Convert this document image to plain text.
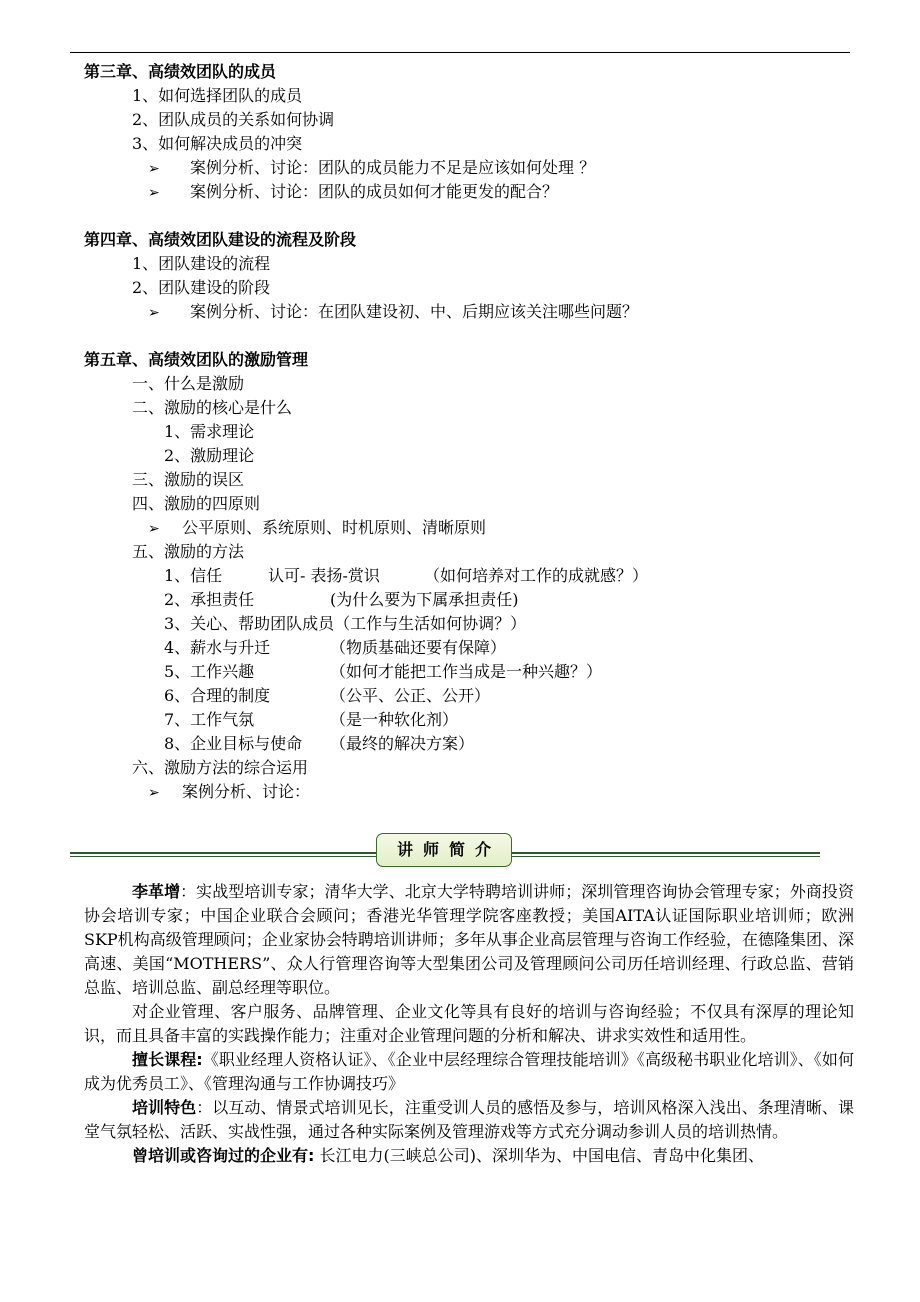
第三章、高绩效团队的成员
1、如何选择团队的成员
2、团队成员的关系如何协调
3、如何解决成员的冲突
➢ 案例分析、讨论：团队的成员能力不足是应该如何处理 ？
➢ 案例分析、讨论：团队的成员如何才能更发的配合？
第四章、高绩效团队建设的流程及阶段
1、团队建设的流程
2、团队建设的阶段
➢ 案例分析、讨论：在团队建设初、中、后期应该关注哪些问题？
第五章、高绩效团队的激励管理
一、什么是激励
二、激励的核心是什么
1、需求理论
2、激励理论
三、激励的误区
四、激励的四原则
➢ 公平原则、系统原则、时机原则、清晰原则
五、激励的方法
1、信任	认可- 表扬-赏识	（如何培养对工作的成就感？）
2、承担责任	(为什么要为下属承担责任)
3、关心、帮助团队成员（工作与生活如何协调？）
4、薪水与升迁	（物质基础还要有保障）
5、工作兴趣	（如何才能把工作当成是一种兴趣？）
6、合理的制度	（公平、公正、公开）
7、工作气氛	（是一种软化剂）
8、企业目标与使命 （最终的解决方案）
六、激励方法的综合运用
➢ 案例分析、讨论：
讲师简介

李革增：实战型培训专家；清华大学、北京大学特聘培训讲师；深圳管理咨询协会管理专家；外商投资协会培训专家；中国企业联合会顾问；香港光华管理学院客座教授；美国AITA认证国际职业培训师；欧洲SKP机构高级管理顾问；企业家协会特聘培训讲师；多年从事企业高层管理与咨询工作经验，在德隆集团、深高速、美国“MOTHERS”、众人行管理咨询等大型集团公司及管理顾问公司历任培训经理、行政总监、营销总监、培训总监、副总经理等职位。

对企业管理、客户服务、品牌管理、企业文化等具有良好的培训与咨询经验；不仅具有深厚的理论知识，而且具备丰富的实践操作能力；注重对企业管理问题的分析和解决、讲求实效性和适用性。

擅长课程:《职业经理人资格认证》、《企业中层经理综合管理技能培训》《高级秘书职业化培训》、《如何成为优秀员工》、《管理沟通与工作协调技巧》

培训特色：以互动、情景式培训见长，注重受训人员的感悟及参与，培训风格深入浅出、条理清晰、课堂气氛轻松、活跃、实战性强，通过各种实际案例及管理游戏等方式充分调动参训人员的培训热情。

曾培训或咨询过的企业有: 长江电力(三峡总公司)、深圳华为、中国电信、青岛中化集团、
